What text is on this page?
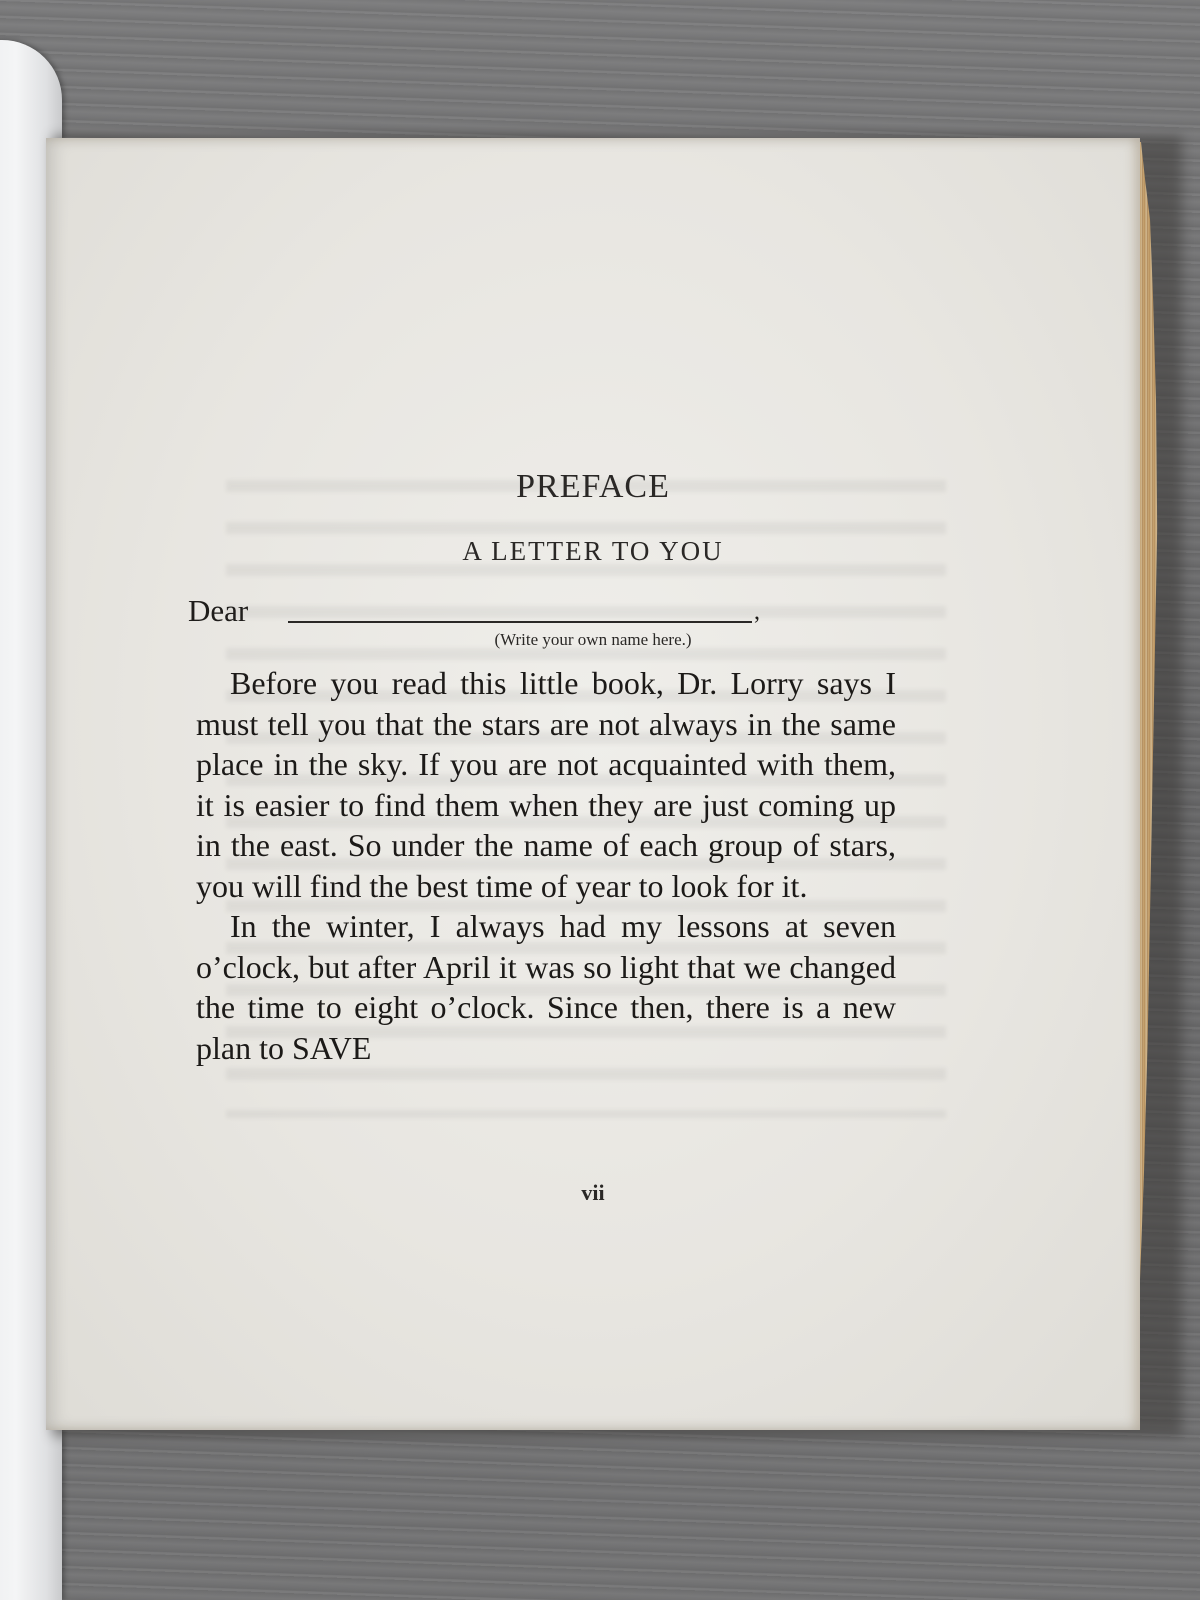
PREFACE
A LETTER TO YOU
Dear	,
(Write your own name here.)

Before you read this little book, Dr. Lorry says I must tell you that the stars are not always in the same place in the sky. If you are not acquainted with them, it is easier to find them when they are just coming up in the east. So under the name of each group of stars, you will find the best time of year to look for it.

In the winter, I always had my lessons at seven o’clock, but after April it was so light that we changed the time to eight o’clock. Since then, there is a new plan to SAVE

vii
